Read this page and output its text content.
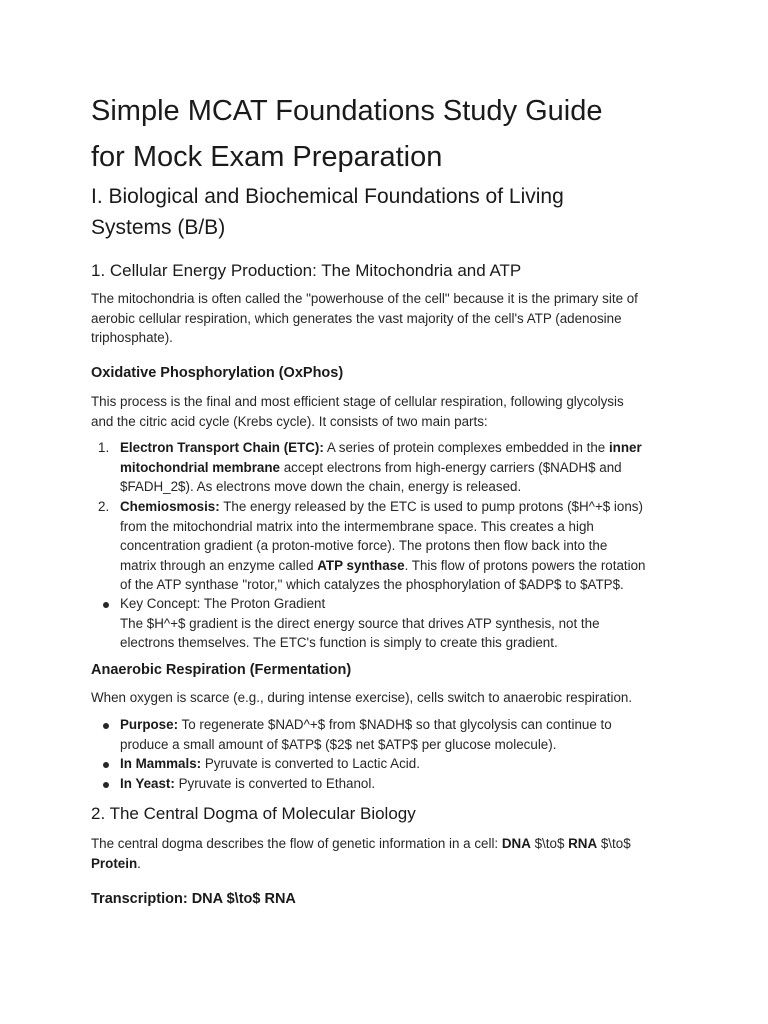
Simple MCAT Foundations Study Guide
for Mock Exam Preparation
I. Biological and Biochemical Foundations of Living
Systems (B/B)
1. Cellular Energy Production: The Mitochondria and ATP
The mitochondria is often called the "powerhouse of the cell" because it is the primary site of
aerobic cellular respiration, which generates the vast majority of the cell's ATP (adenosine
triphosphate).
Oxidative Phosphorylation (OxPhos)
This process is the final and most efficient stage of cellular respiration, following glycolysis
and the citric acid cycle (Krebs cycle). It consists of two main parts:
1. Electron Transport Chain (ETC): A series of protein complexes embedded in the inner
mitochondrial membrane accept electrons from high-energy carriers ($NADH$ and
$FADH_2$). As electrons move down the chain, energy is released.
2. Chemiosmosis: The energy released by the ETC is used to pump protons ($H^+$ ions)
from the mitochondrial matrix into the intermembrane space. This creates a high
concentration gradient (a proton-motive force). The protons then flow back into the
matrix through an enzyme called ATP synthase. This flow of protons powers the rotation
of the ATP synthase "rotor," which catalyzes the phosphorylation of $ADP$ to $ATP$.
Key Concept: The Proton Gradient
The $H^+$ gradient is the direct energy source that drives ATP synthesis, not the
electrons themselves. The ETC's function is simply to create this gradient.
Anaerobic Respiration (Fermentation)
When oxygen is scarce (e.g., during intense exercise), cells switch to anaerobic respiration.
Purpose: To regenerate $NAD^+$ from $NADH$ so that glycolysis can continue to
produce a small amount of $ATP$ ($2$ net $ATP$ per glucose molecule).
In Mammals: Pyruvate is converted to Lactic Acid.
In Yeast: Pyruvate is converted to Ethanol.
2. The Central Dogma of Molecular Biology
The central dogma describes the flow of genetic information in a cell: DNA $\to$ RNA $\to$
Protein.
Transcription: DNA $\to$ RNA
